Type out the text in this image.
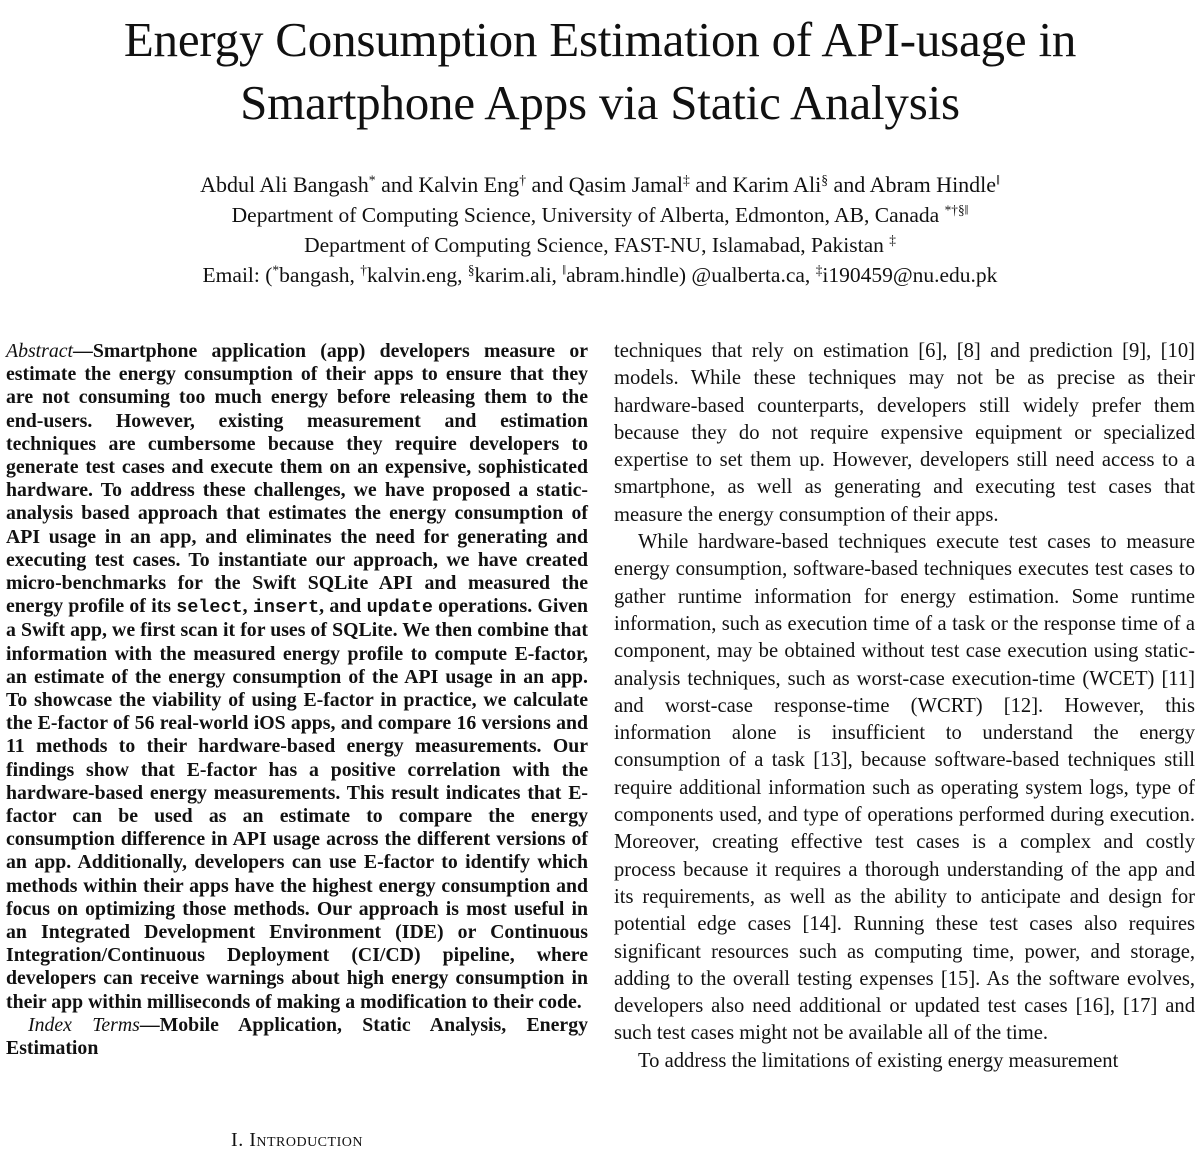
Energy Consumption Estimation of API-usage in
Smartphone Apps via Static Analysis
Abdul Ali Bangash* and Kalvin Eng† and Qasim Jamal‡ and Karim Ali§ and Abram Hindle‖
Department of Computing Science, University of Alberta, Edmonton, AB, Canada *†§‖
Department of Computing Science, FAST-NU, Islamabad, Pakistan ‡
Email: (*bangash, †kalvin.eng, §karim.ali, ‖abram.hindle) @ualberta.ca, ‡i190459@nu.edu.pk

Abstract—Smartphone application (app) developers measure or estimate the energy consumption of their apps to ensure that they are not consuming too much energy before releasing them to the end-users. However, existing measurement and estimation techniques are cumbersome because they require developers to generate test cases and execute them on an expensive, sophisticated hardware. To address these challenges, we have proposed a static-analysis based approach that estimates the energy consumption of API usage in an app, and eliminates the need for generating and executing test cases. To instantiate our approach, we have created micro-benchmarks for the Swift SQLite API and measured the energy profile of its select, insert, and update operations. Given a Swift app, we first scan it for uses of SQLite. We then combine that information with the measured energy profile to compute E-factor, an estimate of the energy consumption of the API usage in an app. To showcase the viability of using E-factor in practice, we calculate the E-factor of 56 real-world iOS apps, and compare 16 versions and 11 methods to their hardware-based energy measurements. Our findings show that E-factor has a positive correlation with the hardware-based energy measurements. This result indicates that E-factor can be used as an estimate to compare the energy consumption difference in API usage across the different versions of an app. Additionally, developers can use E-factor to identify which methods within their apps have the highest energy consumption and focus on optimizing those methods. Our approach is most useful in an Integrated Development Environment (IDE) or Continuous Integration/Continuous Deployment (CI/CD) pipeline, where developers can receive warnings about high energy consumption in their app within milliseconds of making a modification to their code.

Index Terms—Mobile Application, Static Analysis, Energy Estimation

I. Introduction

techniques that rely on estimation [6], [8] and prediction [9], [10] models. While these techniques may not be as precise as their hardware-based counterparts, developers still widely prefer them because they do not require expensive equipment or specialized expertise to set them up. However, developers still need access to a smartphone, as well as generating and executing test cases that measure the energy consumption of their apps.

While hardware-based techniques execute test cases to measure energy consumption, software-based techniques executes test cases to gather runtime information for energy estimation. Some runtime information, such as execution time of a task or the response time of a component, may be obtained without test case execution using static-analysis techniques, such as worst-case execution-time (WCET) [11] and worst-case response-time (WCRT) [12]. However, this information alone is insufficient to understand the energy consumption of a task [13], because software-based techniques still require additional information such as operating system logs, type of components used, and type of operations performed during execution. Moreover, creating effective test cases is a complex and costly process because it requires a thorough understanding of the app and its requirements, as well as the ability to anticipate and design for potential edge cases [14]. Running these test cases also requires significant resources such as computing time, power, and storage, adding to the overall testing expenses [15]. As the software evolves, developers also need additional or updated test cases [16], [17] and such test cases might not be available all of the time.

To address the limitations of existing energy measurement
